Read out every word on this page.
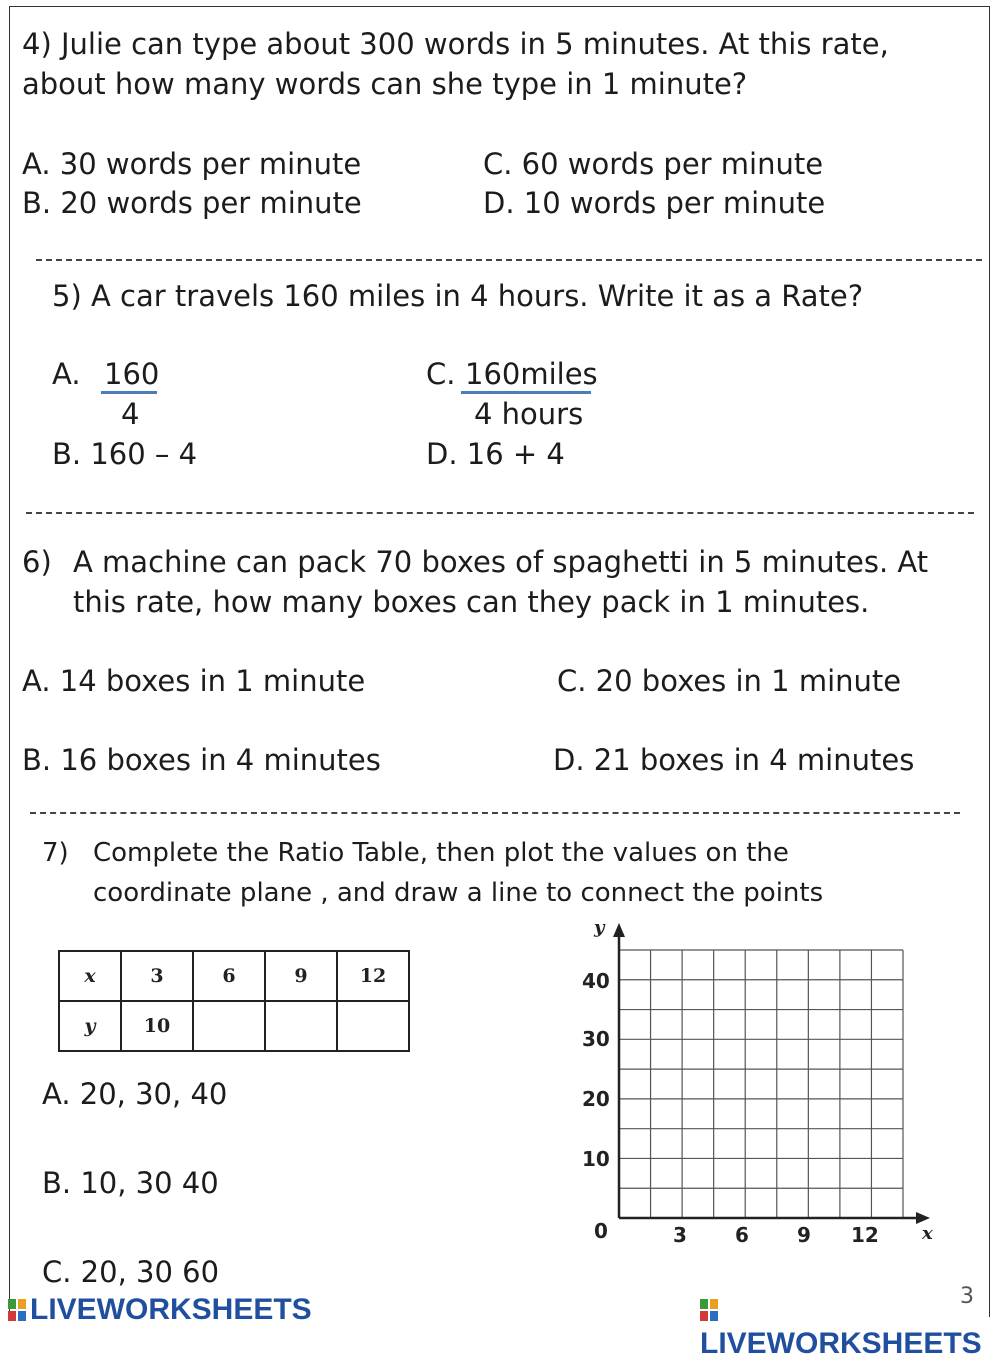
4) Julie can type about 300 words in 5 minutes. At this rate,
about how many words can she type in 1 minute?
A. 30 words per minute	C. 60 words per minute
B. 20 words per minute	D. 10 words per minute
5) A car travels 160 miles in 4 hours. Write it as a Rate?
A. 160
4
C. 160miles
4 hours
B. 160 – 4	D. 16 + 4
6) A machine can pack 70 boxes of spaghetti in 5 minutes. At
this rate, how many boxes can they pack in 1 minutes.
A. 14 boxes in 1 minute	C. 20 boxes in 1 minute
B. 16 boxes in 4 minutes	D. 21 boxes in 4 minutes
7) Complete the Ratio Table, then plot the values on the
coordinate plane , and draw a line to connect the points
x	3	6	9	12
y	10			
A. 20, 30, 40
B. 10, 30 40
C. 20, 30 60
y
x
40
30
20
10
0	3 6 9 12
LIVEWORKSHEETS
LIVEWORKSHEETS
3
